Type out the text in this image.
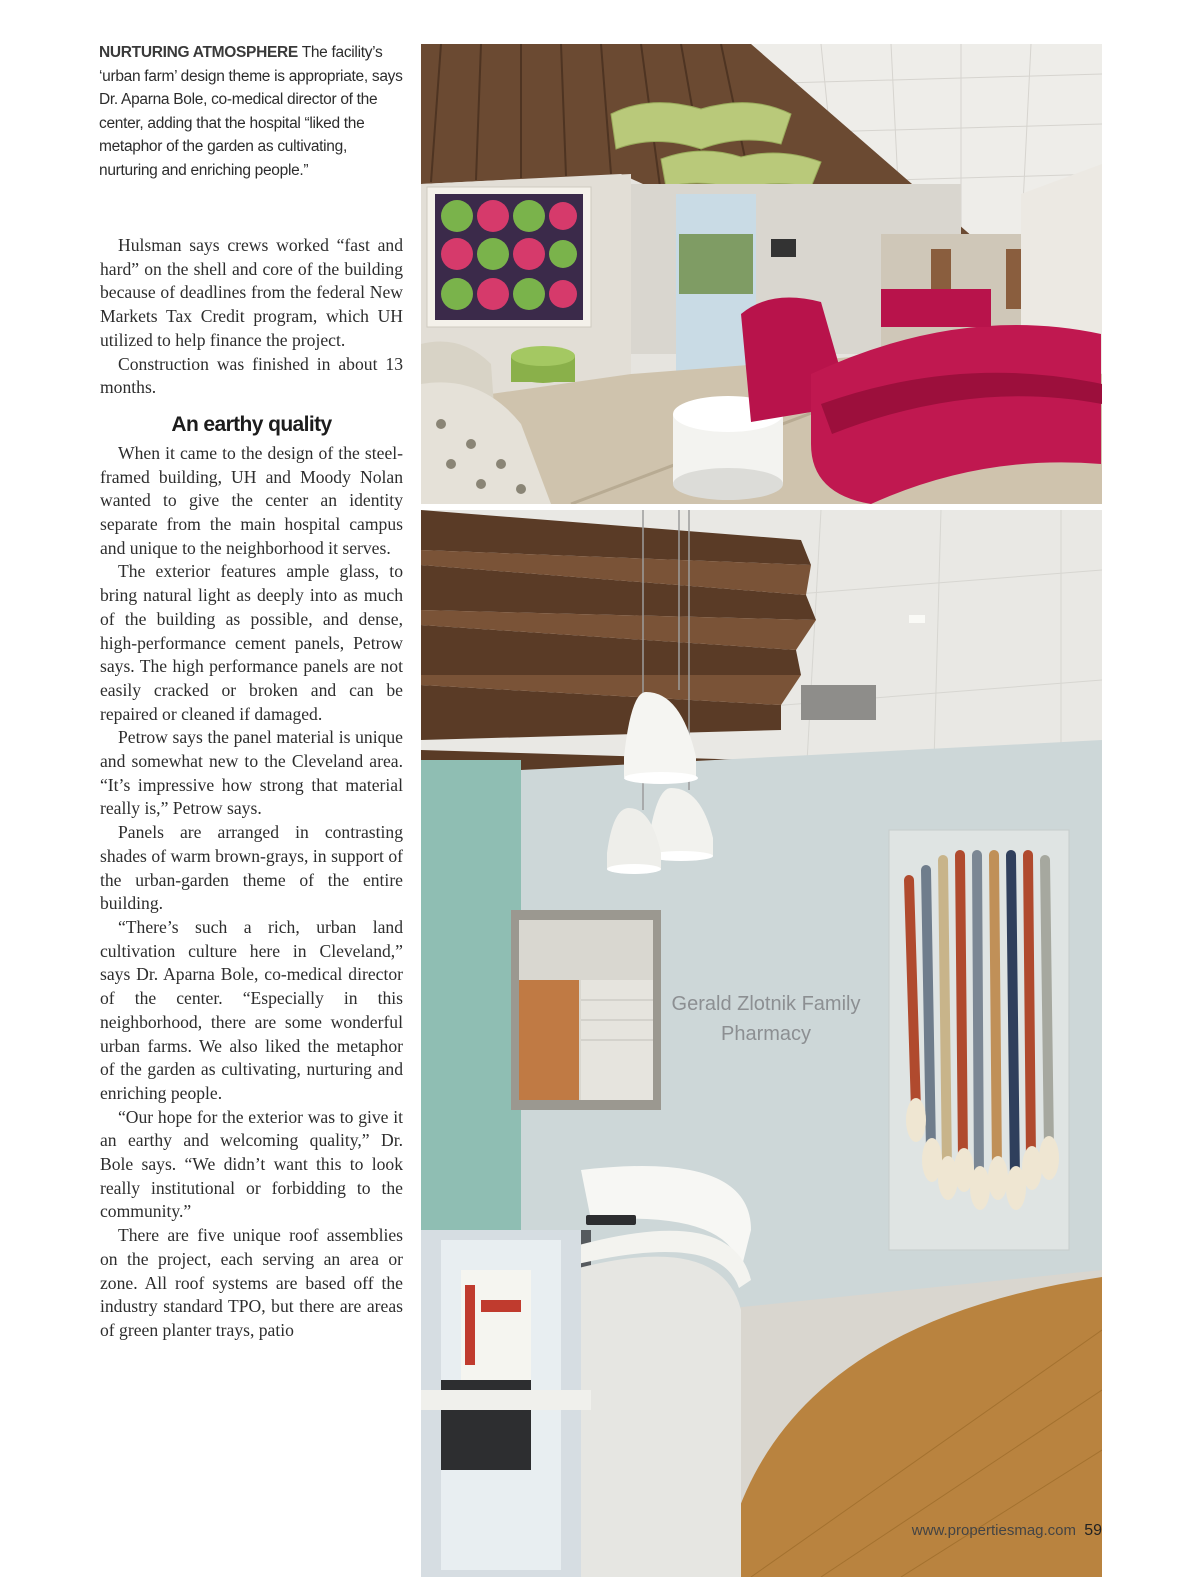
NURTURING ATMOSPHERE The facility’s ‘urban farm’ design theme is appropriate, says Dr. Aparna Bole, co-medical director of the center, adding that the hospital “liked the metaphor of the garden as cultivating, nurturing and enriching people.”

Hulsman says crews worked “fast and hard” on the shell and core of the building because of deadlines from the federal New Markets Tax Credit program, which UH utilized to help finance the project.

Construction was finished in about 13 months.

An earthy quality

When it came to the design of the steel-framed building, UH and Moody Nolan wanted to give the center an identity separate from the main hospital campus and unique to the neighborhood it serves.

The exterior features ample glass, to bring natural light as deeply into as much of the building as possible, and dense, high-performance cement panels, Petrow says. The high performance panels are not easily cracked or broken and can be repaired or cleaned if damaged.

Petrow says the panel material is unique and somewhat new to the Cleveland area. “It’s impressive how strong that material really is,” Petrow says.

Panels are arranged in contrasting shades of warm brown-grays, in support of the urban-garden theme of the entire building.

“There’s such a rich, urban land cultivation culture here in Cleveland,” says Dr. Aparna Bole, co-medical director of the center. “Especially in this neighborhood, there are some wonderful urban farms. We also liked the metaphor of the garden as cultivating, nurturing and enriching people.

“Our hope for the exterior was to give it an earthy and welcoming quality,” Dr. Bole says. “We didn’t want this to look really institutional or forbidding to the community.”

There are five unique roof assemblies on the project, each serving an area or zone. All roof systems are based off the industry standard TPO, but there are areas of green planter trays, patio

Gerald Zlotnik Family
Pharmacy
www.propertiesmag.com 59
